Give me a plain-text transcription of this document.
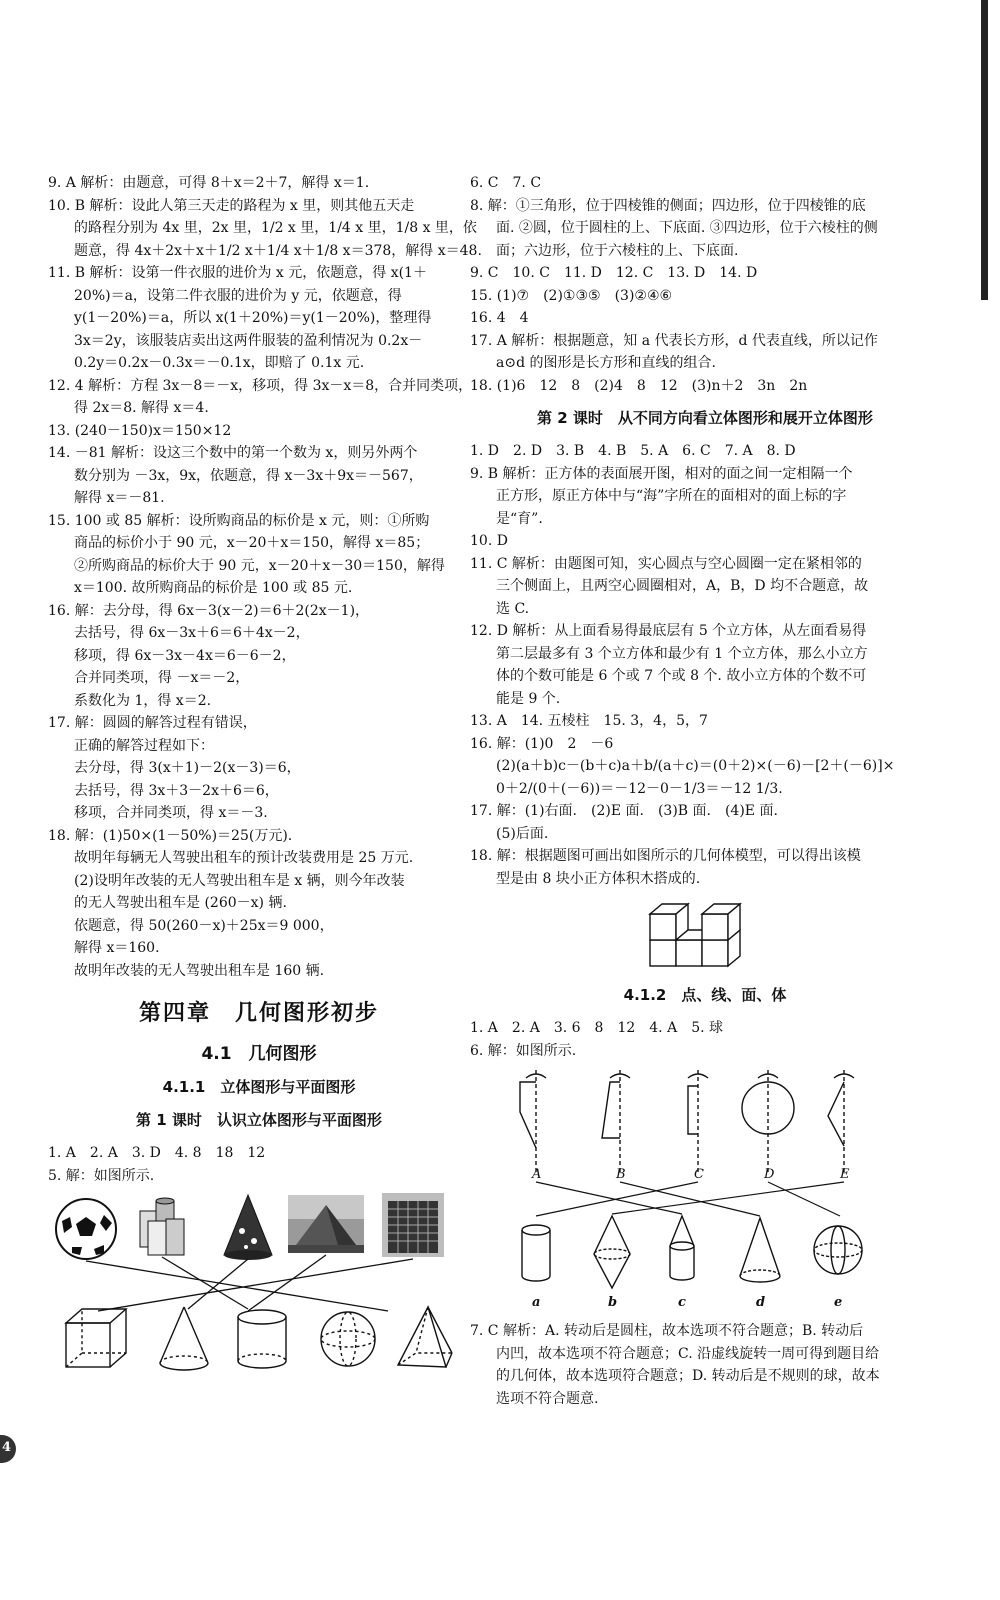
9. A 解析：由题意，可得 8＋x＝2＋7，解得 x＝1.
10. B 解析：设此人第三天走的路程为 x 里，则其他五天走
的路程分别为 4x 里，2x 里，1/2 x 里，1/4 x 里，1/8 x 里，依
题意，得 4x＋2x＋x＋1/2 x＋1/4 x＋1/8 x＝378，解得 x＝48.
11. B 解析：设第一件衣服的进价为 x 元，依题意，得 x(1＋
20%)＝a，设第二件衣服的进价为 y 元，依题意，得
y(1－20%)＝a，所以 x(1＋20%)＝y(1－20%)，整理得
3x＝2y，该服装店卖出这两件服装的盈利情况为 0.2x－
0.2y＝0.2x－0.3x＝－0.1x，即赔了 0.1x 元.
12. 4 解析：方程 3x－8＝－x，移项，得 3x－x＝8，合并同类项，
得 2x＝8. 解得 x＝4.
13. (240－150)x＝150×12
14. －81 解析：设这三个数中的第一个数为 x，则另外两个
数分别为 －3x，9x，依题意，得 x－3x＋9x＝－567，
解得 x＝－81.
15. 100 或 85 解析：设所购商品的标价是 x 元，则：①所购
商品的标价小于 90 元，x－20＋x＝150，解得 x＝85；
②所购商品的标价大于 90 元，x－20＋x－30＝150，解得
x＝100. 故所购商品的标价是 100 或 85 元.
16. 解：去分母，得 6x－3(x－2)＝6＋2(2x－1)，
去括号，得 6x－3x＋6＝6＋4x－2，
移项，得 6x－3x－4x＝6－6－2，
合并同类项，得 －x＝－2，
系数化为 1，得 x＝2.
17. 解：圆圆的解答过程有错误，
正确的解答过程如下：
去分母，得 3(x＋1)－2(x－3)＝6，
去括号，得 3x＋3－2x＋6＝6，
移项，合并同类项，得 x＝－3.
18. 解：(1)50×(1－50%)＝25(万元).
故明年每辆无人驾驶出租车的预计改装费用是 25 万元.
(2)设明年改装的无人驾驶出租车是 x 辆，则今年改装
的无人驾驶出租车是 (260－x) 辆.
依题意，得 50(260－x)＋25x＝9 000，
解得 x＝160.
故明年改装的无人驾驶出租车是 160 辆.
第四章　几何图形初步
4.1　几何图形
4.1.1　立体图形与平面图形
第 1 课时　认识立体图形与平面图形
1. A　2. A　3. D　4. 8　18　12
5. 解：如图所示.
6. C　7. C
8. 解：①三角形，位于四棱锥的侧面；四边形，位于四棱锥的底
面. ②圆，位于圆柱的上、下底面. ③四边形，位于六棱柱的侧
面；六边形，位于六棱柱的上、下底面.
9. C　10. C　11. D　12. C　13. D　14. D
15. (1)⑦　(2)①③⑤　(3)②④⑥
16. 4　4
17. A 解析：根据题意，知 a 代表长方形，d 代表直线，所以记作
a⊙d 的图形是长方形和直线的组合.
18. (1)6　12　8　(2)4　8　12　(3)n＋2　3n　2n
第 2 课时　从不同方向看立体图形和展开立体图形
1. D　2. D　3. B　4. B　5. A　6. C　7. A　8. D
9. B 解析：正方体的表面展开图，相对的面之间一定相隔一个
正方形，原正方体中与“海”字所在的面相对的面上标的字
是“育”.
10. D
11. C 解析：由题图可知，实心圆点与空心圆圈一定在紧相邻的
三个侧面上，且两空心圆圈相对，A，B，D 均不合题意，故
选 C.
12. D 解析：从上面看易得最底层有 5 个立方体，从左面看易得
第二层最多有 3 个立方体和最少有 1 个立方体，那么小立方
体的个数可能是 6 个或 7 个或 8 个. 故小立方体的个数不可
能是 9 个.
13. A　14. 五棱柱　15. 3，4，5，7
16. 解：(1)0　2　－6
(2)(a＋b)c－(b＋c)a＋b/(a＋c)＝(0＋2)×(－6)－[2＋(－6)]×
0＋2/(0＋(－6))＝－12－0－1/3＝－12 1/3.
17. 解：(1)右面.　(2)E 面.　(3)B 面.　(4)E 面.
(5)后面.
18. 解：根据题图可画出如图所示的几何体模型，可以得出该模
型是由 8 块小正方体积木搭成的.
4.1.2　点、线、面、体
1. A　2. A　3. 6　8　12　4. A　5. 球
6. 解：如图所示.
A	B	C	D	E
a	b	c	d	e
7. C 解析：A. 转动后是圆柱，故本选项不符合题意；B. 转动后
内凹，故本选项不符合题意；C. 沿虚线旋转一周可得到题目给
的几何体，故本选项符合题意；D. 转动后是不规则的球，故本
选项不符合题意.
4
